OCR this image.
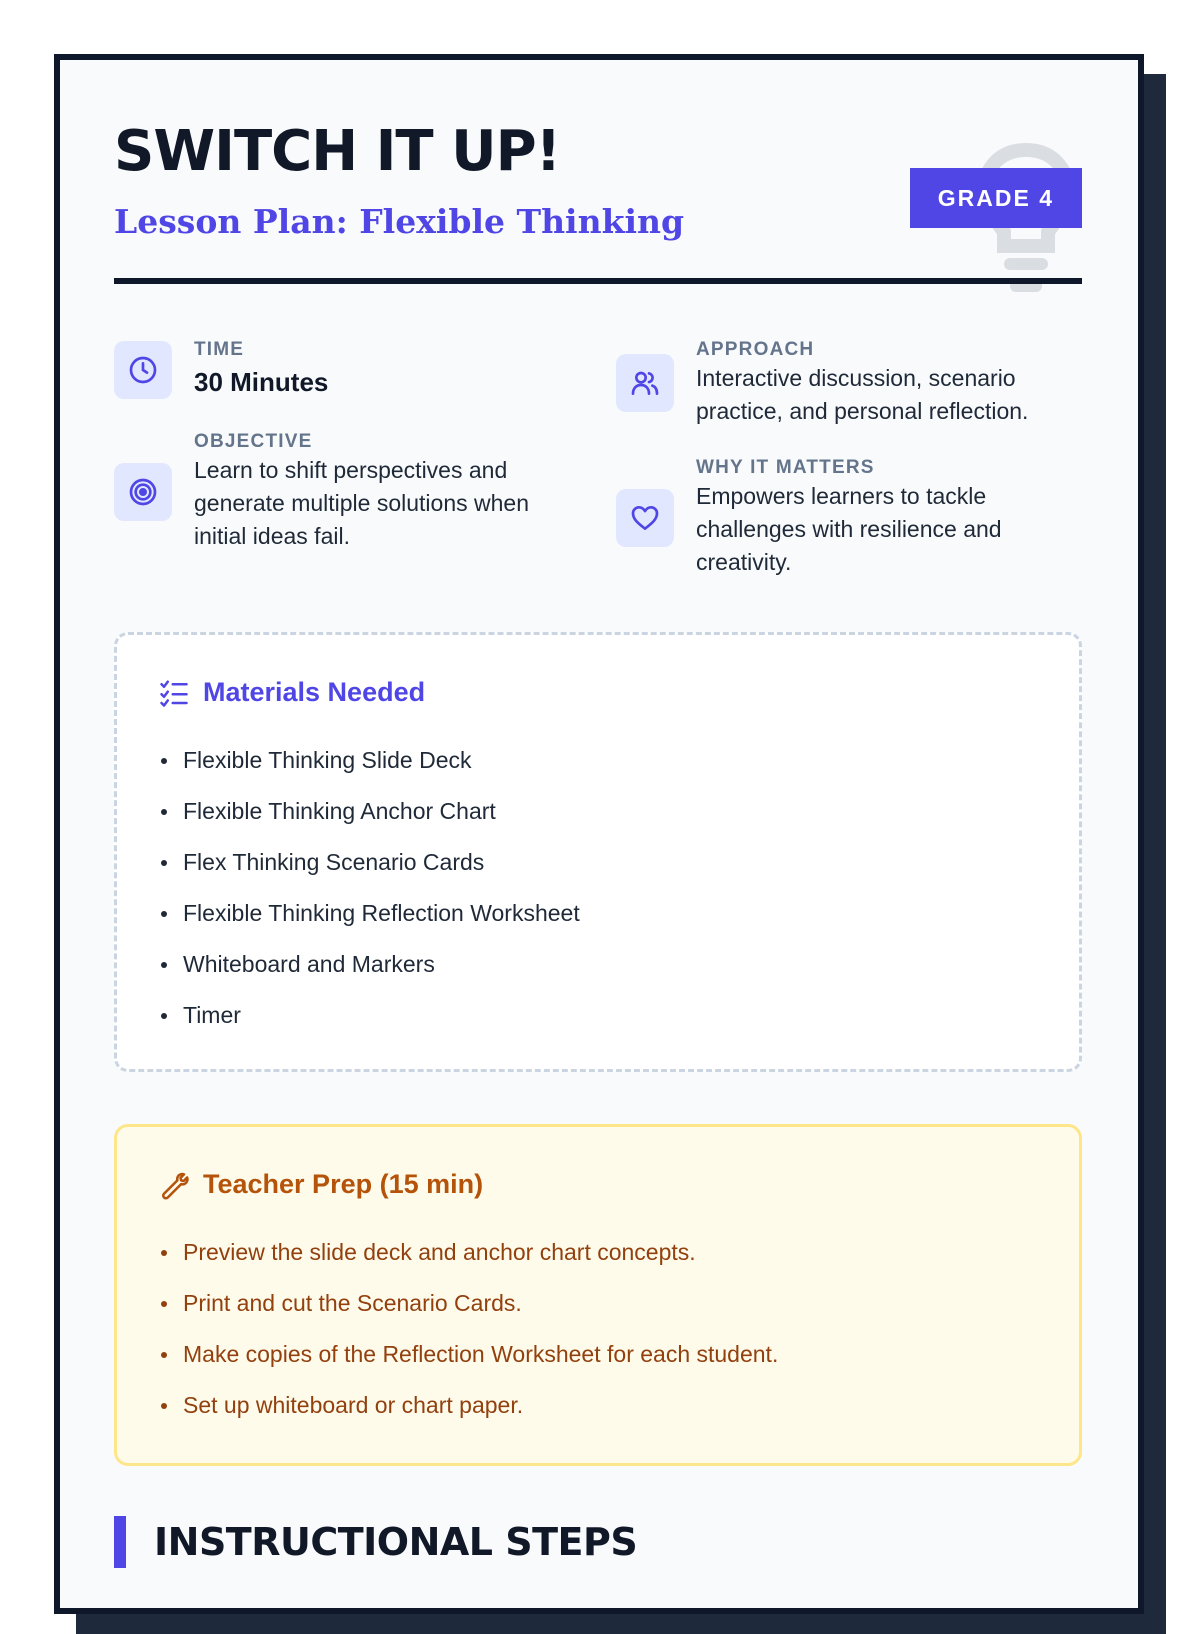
SWITCH IT UP!
Lesson Plan: Flexible Thinking
GRADE 4
TIME
30 Minutes
OBJECTIVE
Learn to shift perspectives and generate multiple solutions when initial ideas fail.
APPROACH
Interactive discussion, scenario practice, and personal reflection.
WHY IT MATTERS
Empowers learners to tackle challenges with resilience and creativity.
Materials Needed
Flexible Thinking Slide Deck
Flexible Thinking Anchor Chart
Flex Thinking Scenario Cards
Flexible Thinking Reflection Worksheet
Whiteboard and Markers
Timer
Teacher Prep (15 min)
Preview the slide deck and anchor chart concepts.
Print and cut the Scenario Cards.
Make copies of the Reflection Worksheet for each student.
Set up whiteboard or chart paper.
INSTRUCTIONAL STEPS
